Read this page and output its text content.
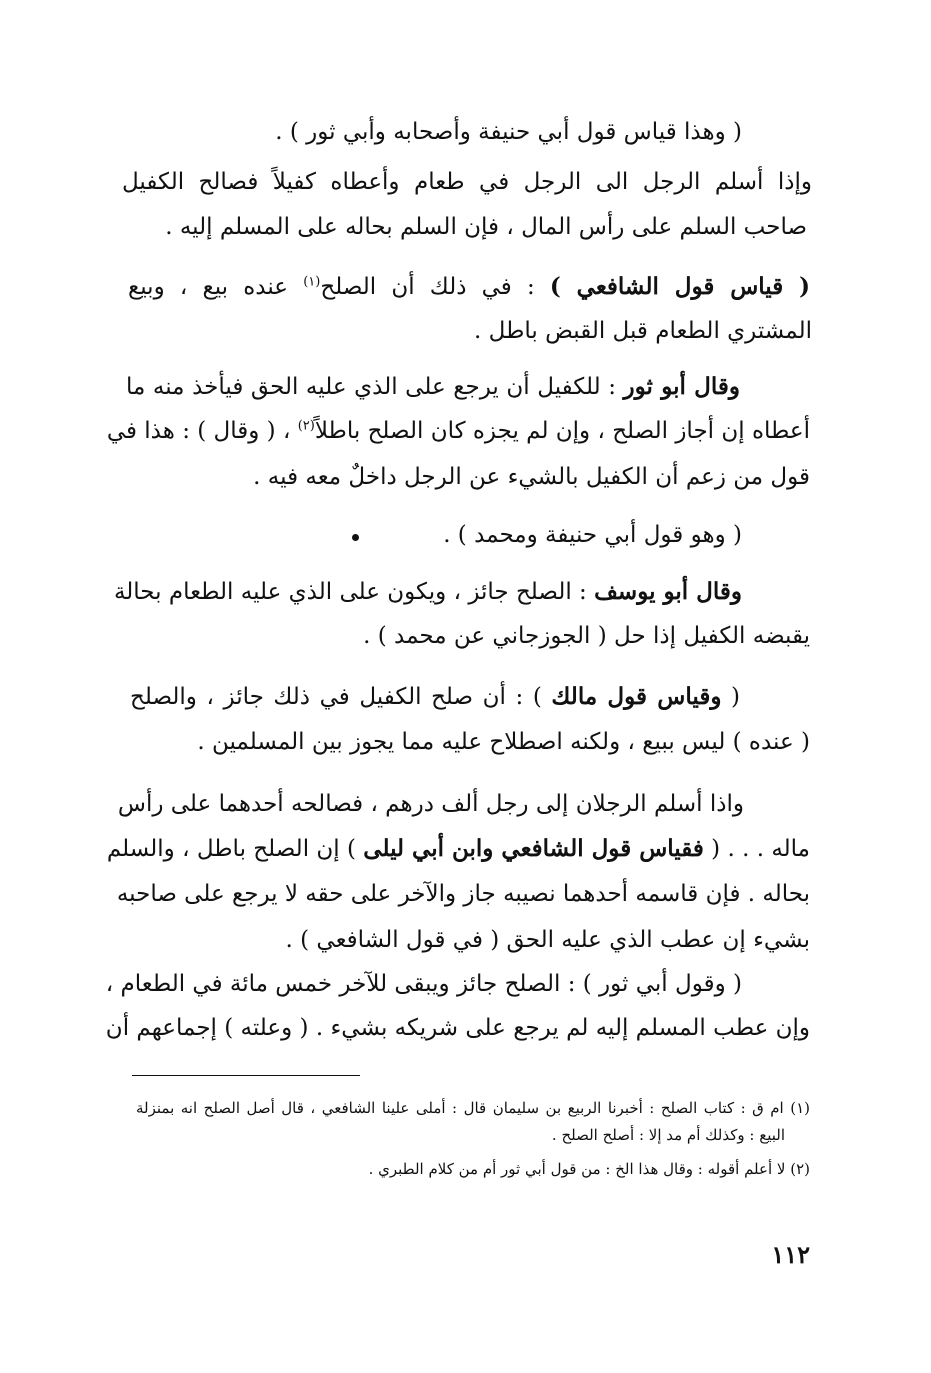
( وهذا قياس قول أبي حنيفة وأصحابه وأبي ثور ) .
وإذا أسلم الرجل الى الرجل في طعام وأعطاه كفيلاً فصالح الكفيل
صاحب السلم على رأس المال ، فإن السلم بحاله على المسلم إليه .
( قياس قول الشافعي ) : في ذلك أن الصلح$^{(١)}$ عنده بيع ، وبيع
المشتري الطعام قبل القبض باطل .
وقال أبو ثور : للكفيل أن يرجع على الذي عليه الحق فيأخذ منه ما
أعطاه إن أجاز الصلح ، وإن لم يجزه كان الصلح باطلاً$^{(٢)}$ ، ( وقال ) : هذا في
قول من زعم أن الكفيل بالشيء عن الرجل داخلٌ معه فيه .
( وهو قول أبي حنيفة ومحمد ) .
وقال أبو يوسف : الصلح جائز ، ويكون على الذي عليه الطعام بحالة
يقبضه الكفيل إذا حل ( الجوزجاني عن محمد ) .
( وقياس قول مالك ) : أن صلح الكفيل في ذلك جائز ، والصلح
( عنده ) ليس ببيع ، ولكنه اصطلاح عليه مما يجوز بين المسلمين .
واذا أسلم الرجلان إلى رجل ألف درهم ، فصالحه أحدهما على رأس
ماله . . . ( فقياس قول الشافعي وابن أبي ليلى ) إن الصلح باطل ، والسلم
بحاله . فإن قاسمه أحدهما نصيبه جاز والآخر على حقه لا يرجع على صاحبه
بشيء إن عطب الذي عليه الحق ( في قول الشافعي ) .
( وقول أبي ثور ) : الصلح جائز ويبقى للآخر خمس مائة في الطعام ،
وإن عطب المسلم إليه لم يرجع على شريكه بشيء . ( وعلته ) إجماعهم أن
(١) ام ق : كتاب الصلح : أخبرنا الربيع بن سليمان قال : أملى علينا الشافعي ، قال أصل الصلح انه بمنزلة
البيع : وكذلك أم مد إلا : أصلح الصلح .
(٢) لا أعلم أقوله : وقال هذا الخ : من قول أبي ثور أم من كلام الطبري .
١١٢
